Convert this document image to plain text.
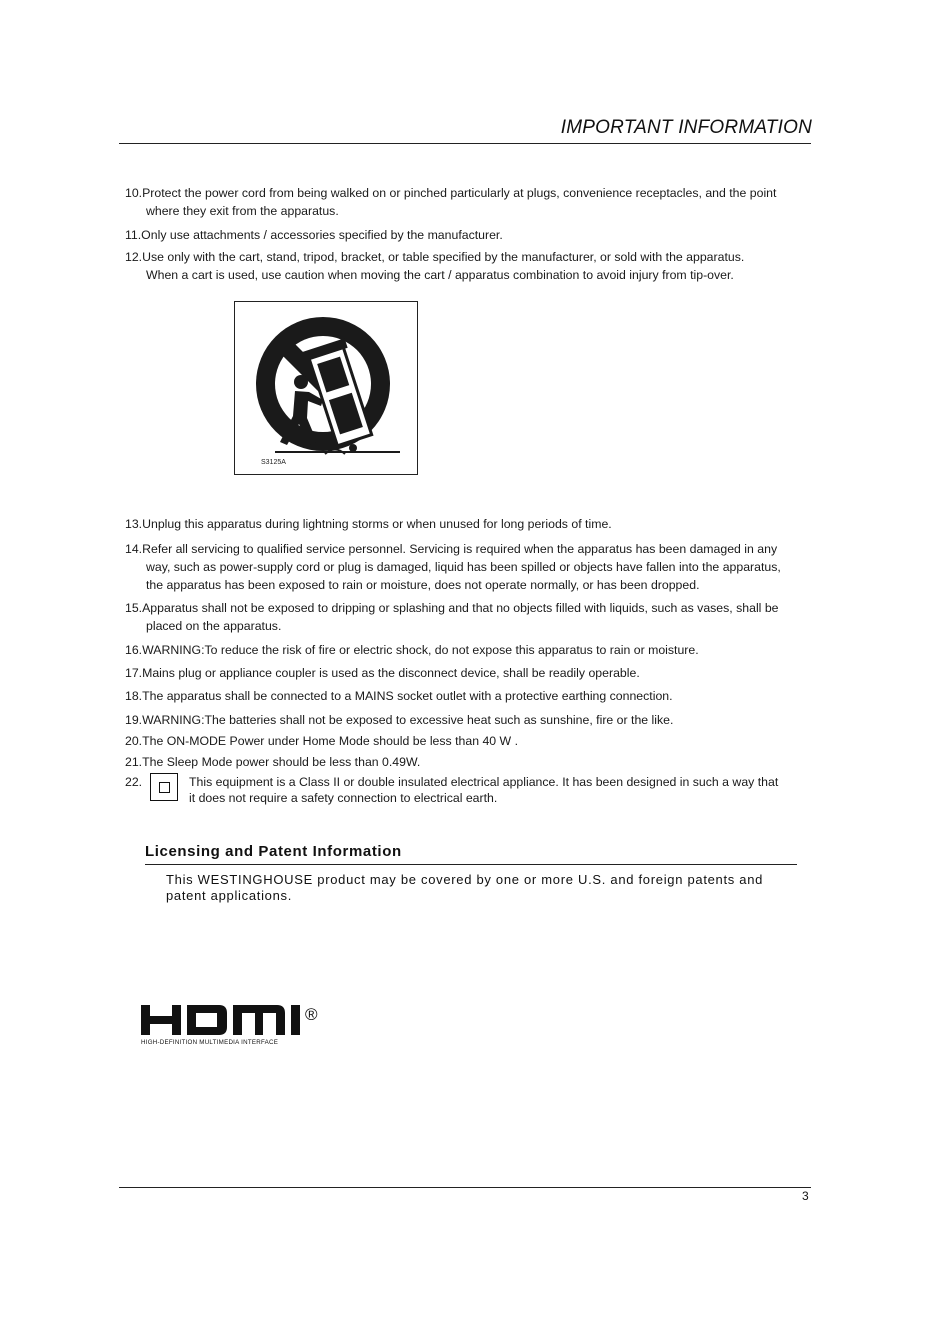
IMPORTANT INFORMATION
10.Protect the power cord from being walked on or pinched particularly at plugs, convenience receptacles, and the point
where they exit from the apparatus.
11.Only use attachments / accessories specified by the manufacturer.
12.Use only with the cart, stand, tripod, bracket, or table specified by the manufacturer, or sold with the apparatus.
When a cart is used, use caution when moving the cart / apparatus combination to avoid injury from tip-over.
S3125A
13.Unplug this apparatus during lightning storms or when unused for long periods of time.
14.Refer all servicing to qualified service personnel. Servicing is required when the apparatus has been damaged in any
way, such as power-supply cord or plug is damaged, liquid has been spilled or objects have fallen into the apparatus,
the apparatus has been exposed to rain or moisture, does not operate normally, or has been dropped.
15.Apparatus shall not be exposed to dripping or splashing and that no objects filled with liquids, such as vases, shall be
placed on the apparatus.
16.WARNING:To reduce the risk of fire or electric shock, do not expose this apparatus to rain or moisture.
17.Mains plug or appliance coupler is used as the disconnect device, shall be readily operable.
18.The apparatus shall be connected to a MAINS socket outlet with a protective earthing connection.
19.WARNING:The batteries shall not be exposed to excessive heat such as sunshine, fire or the like.
20.The ON-MODE Power under Home Mode should be less than 40 W .
21.The Sleep Mode power should be less than 0.49W.
22.	This equipment is a Class II or double insulated electrical appliance. It has been designed in such a way that
it does not require a safety connection to electrical earth.
Licensing and Patent Information
This WESTINGHOUSE product may be covered by one or more U.S. and foreign patents and
patent applications.
®
HIGH-DEFINITION MULTIMEDIA INTERFACE
3
